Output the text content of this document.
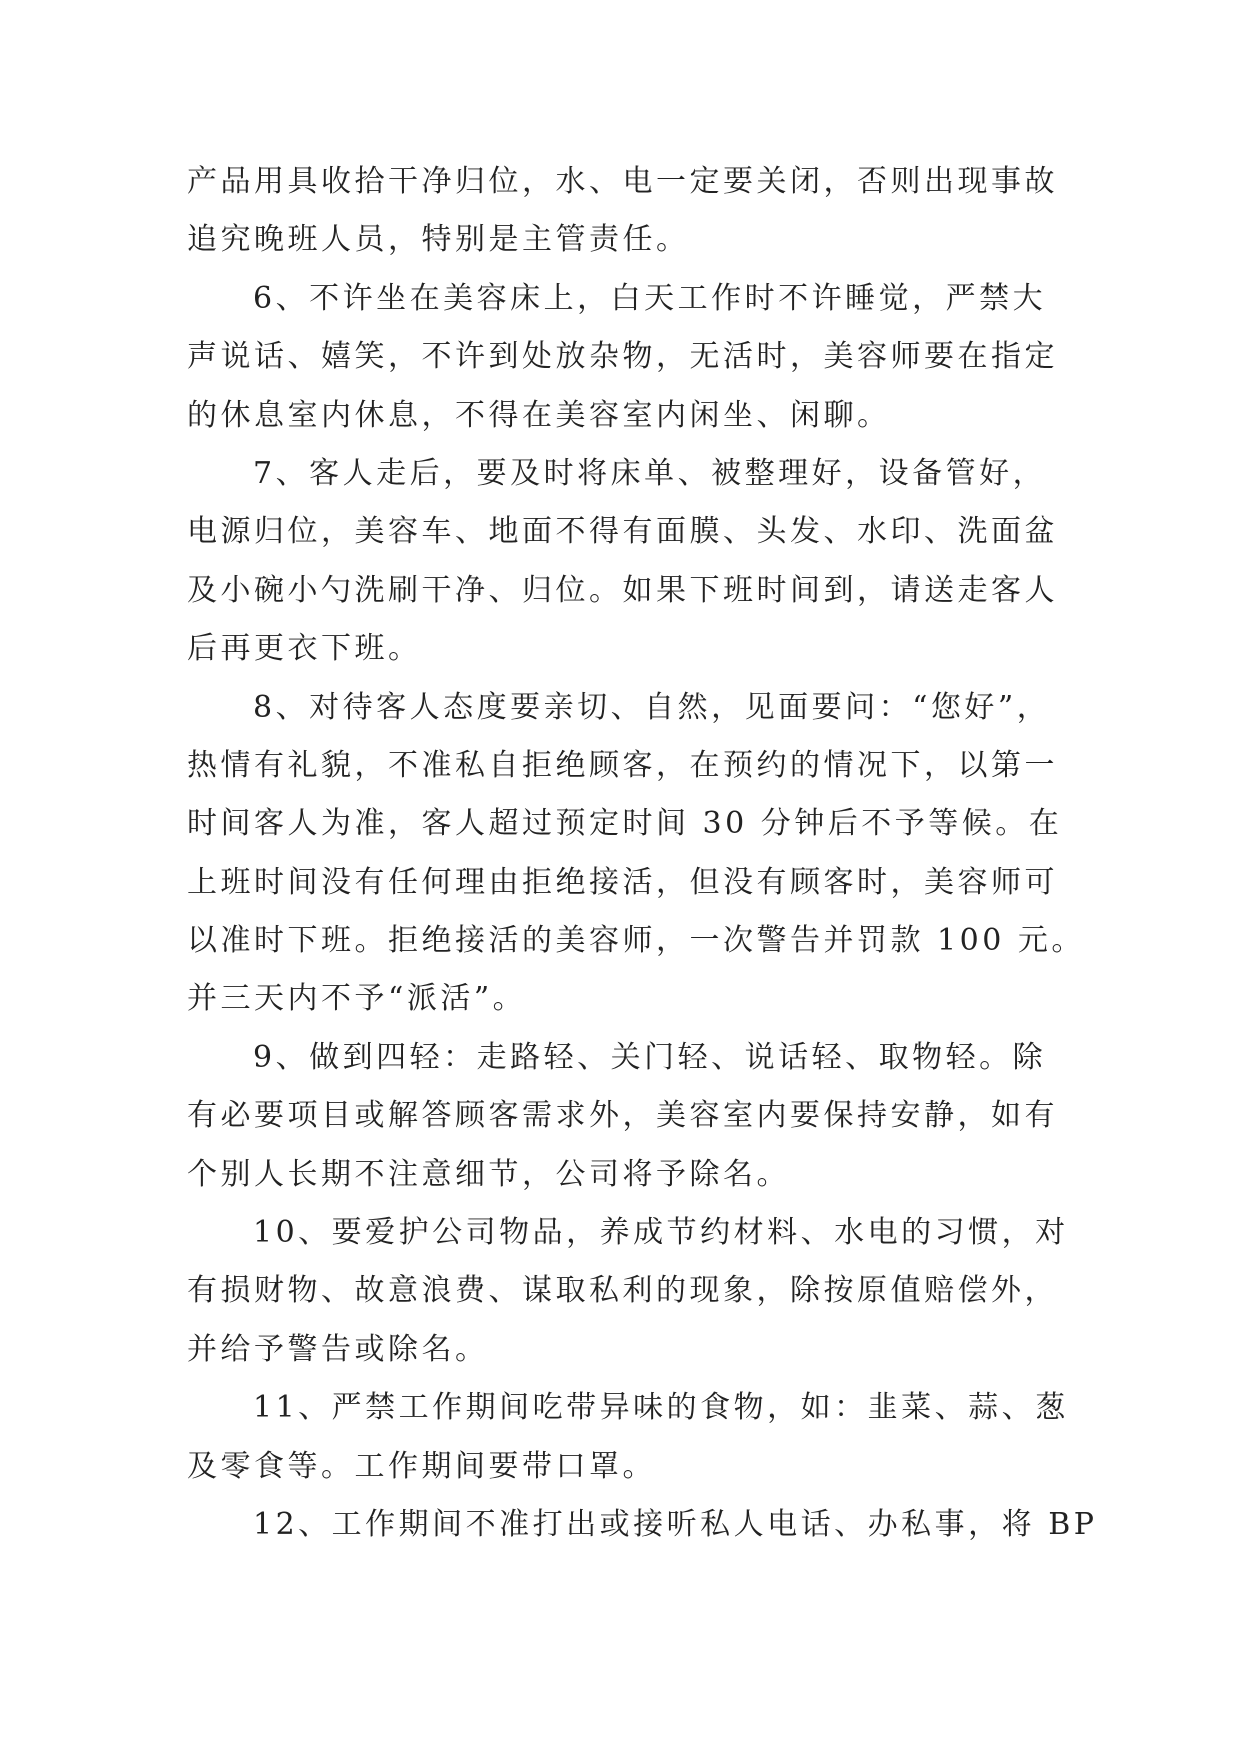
产品用具收拾干净归位，水、电一定要关闭，否则出现事故
追究晚班人员，特别是主管责任。
6、不许坐在美容床上，白天工作时不许睡觉，严禁大
声说话、嬉笑，不许到处放杂物，无活时，美容师要在指定
的休息室内休息，不得在美容室内闲坐、闲聊。
7、客人走后，要及时将床单、被整理好，设备管好，
电源归位，美容车、地面不得有面膜、头发、水印、洗面盆
及小碗小勺洗刷干净、归位。如果下班时间到，请送走客人
后再更衣下班。
8、对待客人态度要亲切、自然，见面要问：“您好”，
热情有礼貌，不准私自拒绝顾客，在预约的情况下，以第一
时间客人为准，客人超过预定时间 30 分钟后不予等候。在
上班时间没有任何理由拒绝接活，但没有顾客时，美容师可
以准时下班。拒绝接活的美容师，一次警告并罚款 100 元。
并三天内不予“派活”。
9、做到四轻：走路轻、关门轻、说话轻、取物轻。除
有必要项目或解答顾客需求外，美容室内要保持安静，如有
个别人长期不注意细节，公司将予除名。
10、要爱护公司物品，养成节约材料、水电的习惯，对
有损财物、故意浪费、谋取私利的现象，除按原值赔偿外，
并给予警告或除名。
11、严禁工作期间吃带异味的食物，如：韭菜、蒜、葱
及零食等。工作期间要带口罩。
12、工作期间不准打出或接听私人电话、办私事，将 BP
